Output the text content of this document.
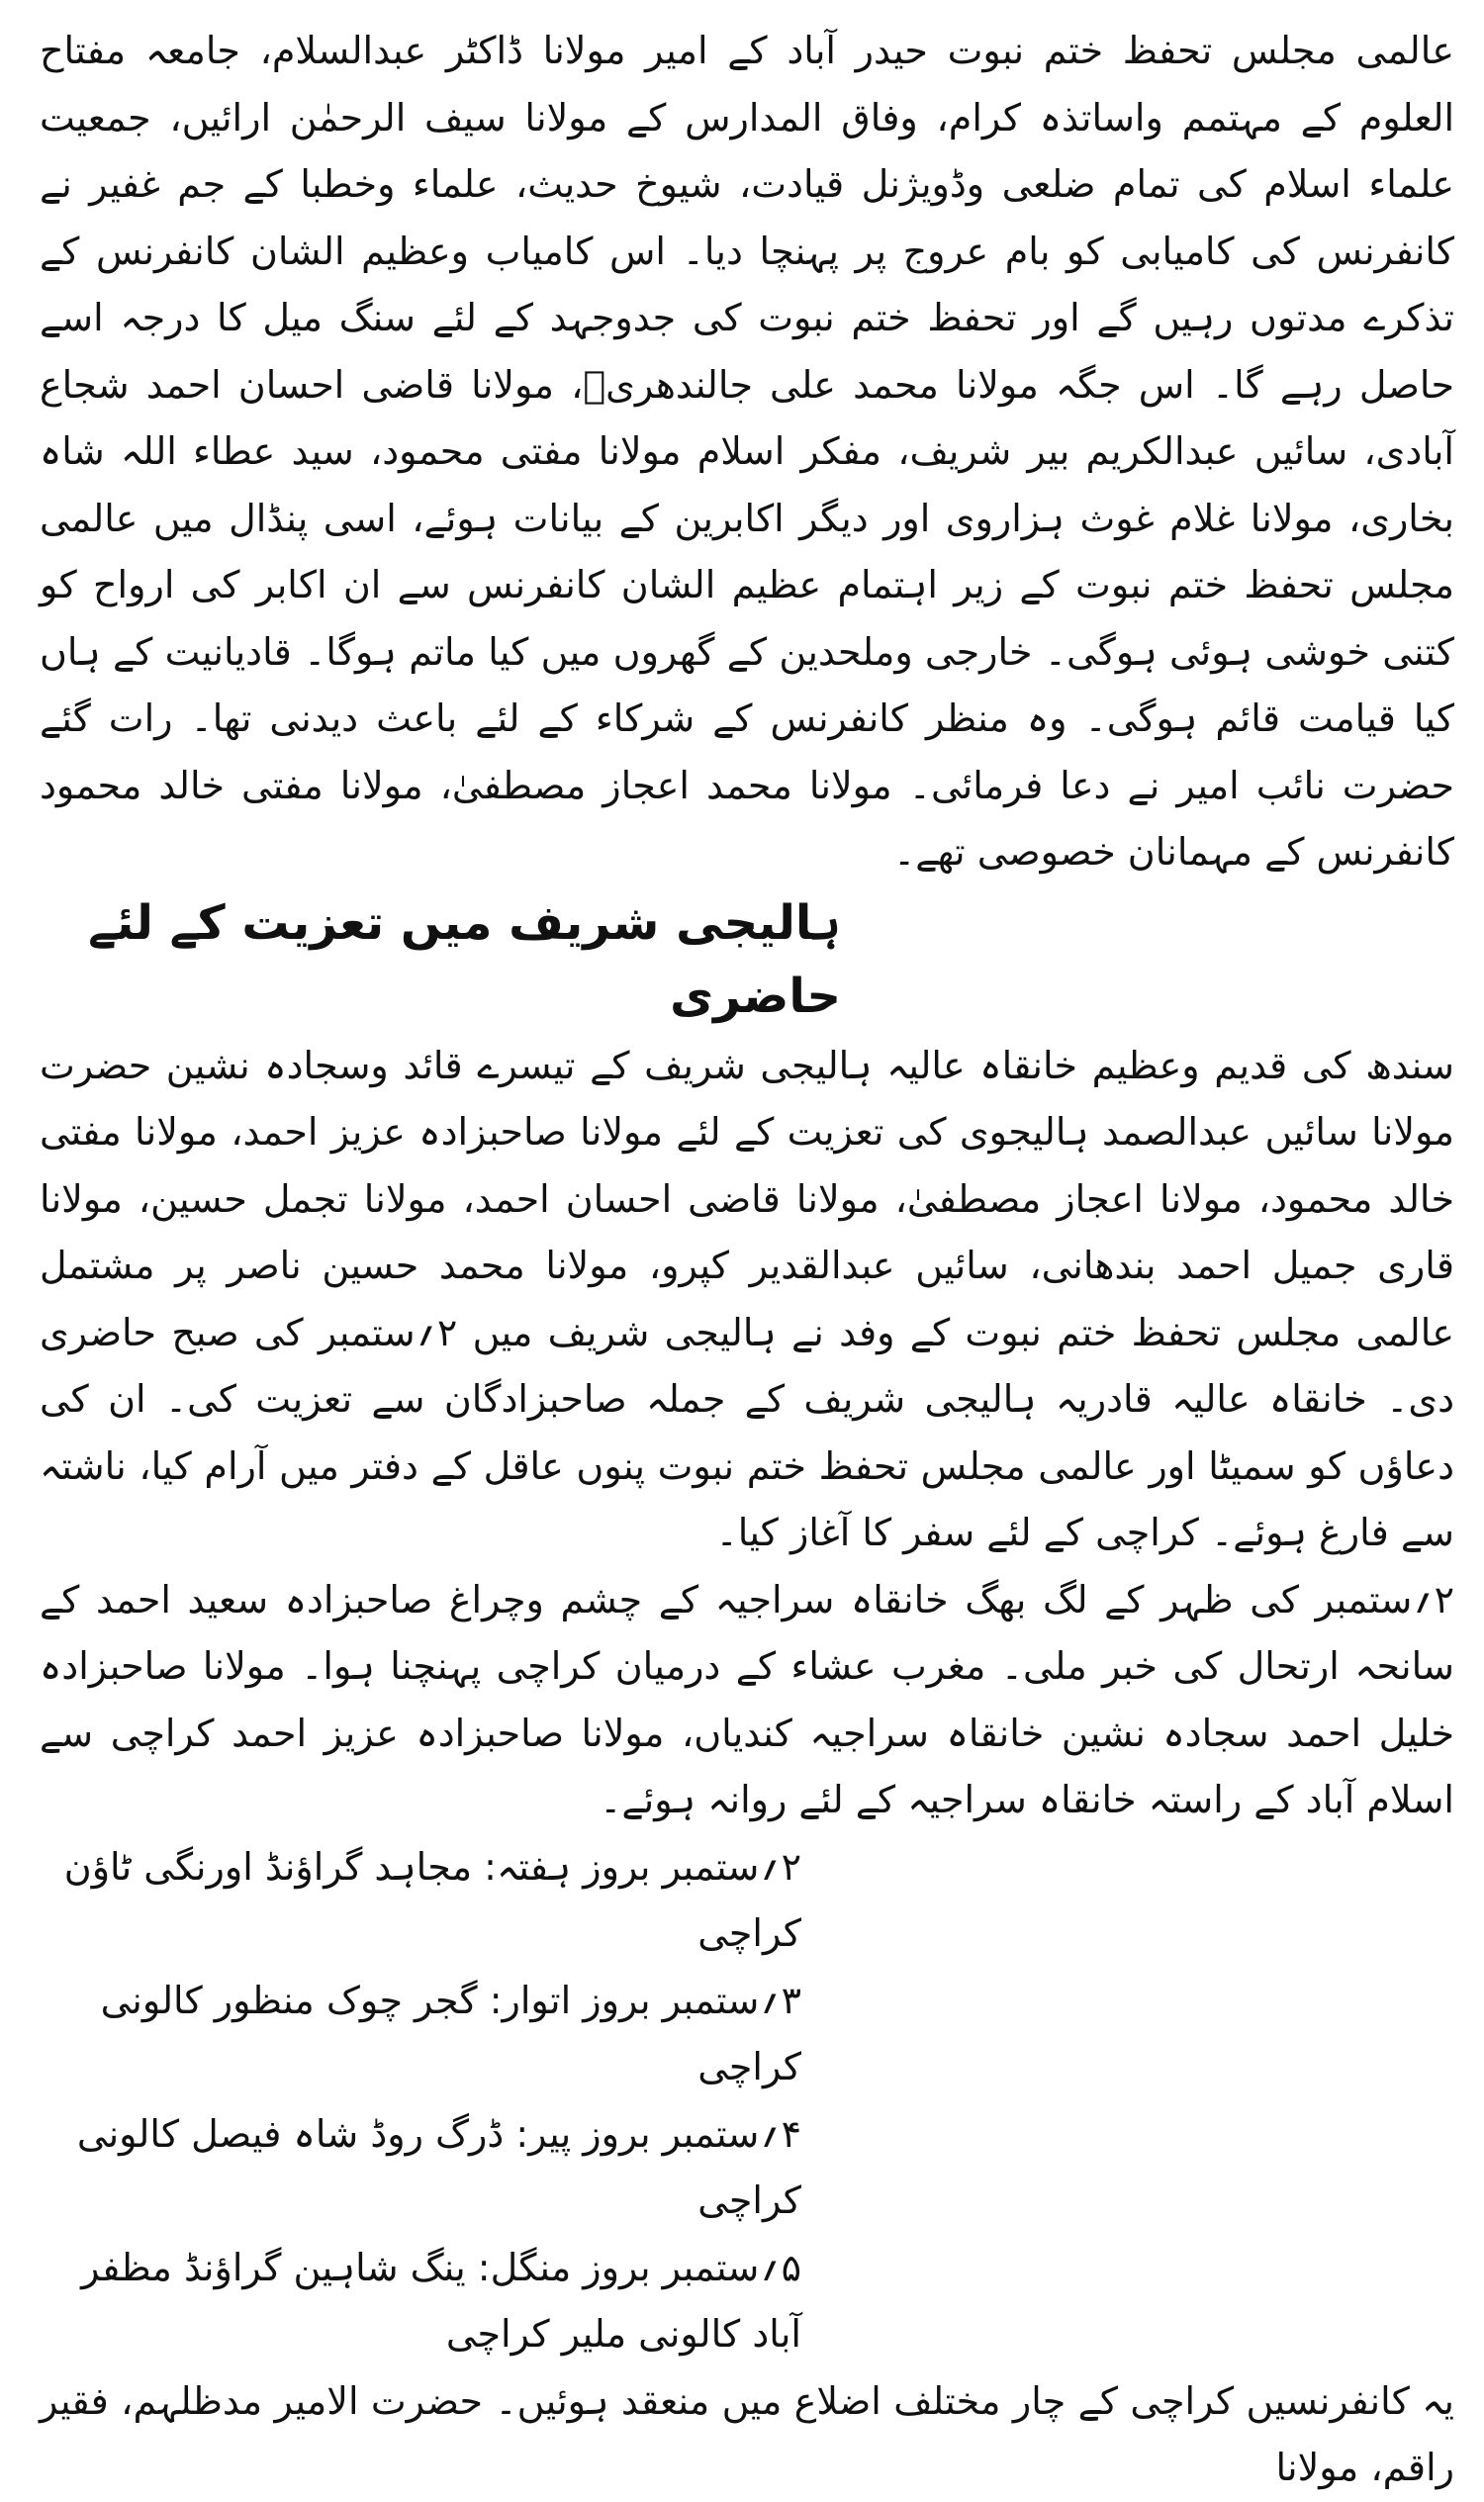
عالمی مجلس تحفظ ختم نبوت حیدر آباد کے امیر مولانا ڈاکٹر عبدالسلام، جامعہ مفتاح العلوم کے مہتمم واساتذہ کرام، وفاق المدارس کے مولانا سیف الرحمٰن ارائیں، جمعیت علماء اسلام کی تمام ضلعی وڈویژنل قیادت، شیوخ حدیث، علماء وخطبا کے جم غفیر نے کانفرنس کی کامیابی کو بام عروج پر پہنچا دیا۔ اس کامیاب وعظیم الشان کانفرنس کے تذکرے مدتوں رہیں گے اور تحفظ ختم نبوت کی جدوجہد کے لئے سنگ میل کا درجہ اسے حاصل رہے گا۔ اس جگہ مولانا محمد علی جالندھریؒ، مولانا قاضی احسان احمد شجاع آبادی، سائیں عبدالکریم بیر شریف، مفکر اسلام مولانا مفتی محمود، سید عطاء اللہ شاہ بخاری، مولانا غلام غوث ہزاروی اور دیگر اکابرین کے بیانات ہوئے، اسی پنڈال میں عالمی مجلس تحفظ ختم نبوت کے زیر اہتمام عظیم الشان کانفرنس سے ان اکابر کی ارواح کو کتنی خوشی ہوئی ہوگی۔ خارجی وملحدین کے گھروں میں کیا ماتم ہوگا۔ قادیانیت کے ہاں کیا قیامت قائم ہوگی۔ وہ منظر کانفرنس کے شرکاء کے لئے باعث دیدنی تھا۔ رات گئے حضرت نائب امیر نے دعا فرمائی۔ مولانا محمد اعجاز مصطفیٰ، مولانا مفتی خالد محمود کانفرنس کے مہمانان خصوصی تھے۔

ہالیجی شریف میں تعزیت کے لئے حاضری

سندھ کی قدیم وعظیم خانقاہ عالیہ ہالیجی شریف کے تیسرے قائد وسجادہ نشین حضرت مولانا سائیں عبدالصمد ہالیجوی کی تعزیت کے لئے مولانا صاحبزادہ عزیز احمد، مولانا مفتی خالد محمود، مولانا اعجاز مصطفیٰ، مولانا قاضی احسان احمد، مولانا تجمل حسین، مولانا قاری جمیل احمد بندھانی، سائیں عبدالقدیر کپرو، مولانا محمد حسین ناصر پر مشتمل عالمی مجلس تحفظ ختم نبوت کے وفد نے ہالیجی شریف میں ۲؍ستمبر کی صبح حاضری دی۔ خانقاہ عالیہ قادریہ ہالیجی شریف کے جملہ صاحبزادگان سے تعزیت کی۔ ان کی دعاؤں کو سمیٹا اور عالمی مجلس تحفظ ختم نبوت پنوں عاقل کے دفتر میں آرام کیا، ناشتہ سے فارغ ہوئے۔ کراچی کے لئے سفر کا آغاز کیا۔

۲؍ستمبر کی ظہر کے لگ بھگ خانقاہ سراجیہ کے چشم وچراغ صاحبزادہ سعید احمد کے سانحہ ارتحال کی خبر ملی۔ مغرب عشاء کے درمیان کراچی پہنچنا ہوا۔ مولانا صاحبزادہ خلیل احمد سجادہ نشین خانقاہ سراجیہ کندیاں، مولانا صاحبزادہ عزیز احمد کراچی سے اسلام آباد کے راستہ خانقاہ سراجیہ کے لئے روانہ ہوئے۔

۲؍ستمبر بروز ہفتہ: مجاہد گراؤنڈ اورنگی ٹاؤن کراچی
۳؍ستمبر بروز اتوار: گجر چوک منظور کالونی کراچی
۴؍ستمبر بروز پیر: ڈرگ روڈ شاہ فیصل کالونی کراچی
۵؍ستمبر بروز منگل: ینگ شاہین گراؤنڈ مظفر آباد کالونی ملیر کراچی

یہ کانفرنسیں کراچی کے چار مختلف اضلاع میں منعقد ہوئیں۔ حضرت الامیر مدظلہم، فقیر راقم، مولانا
